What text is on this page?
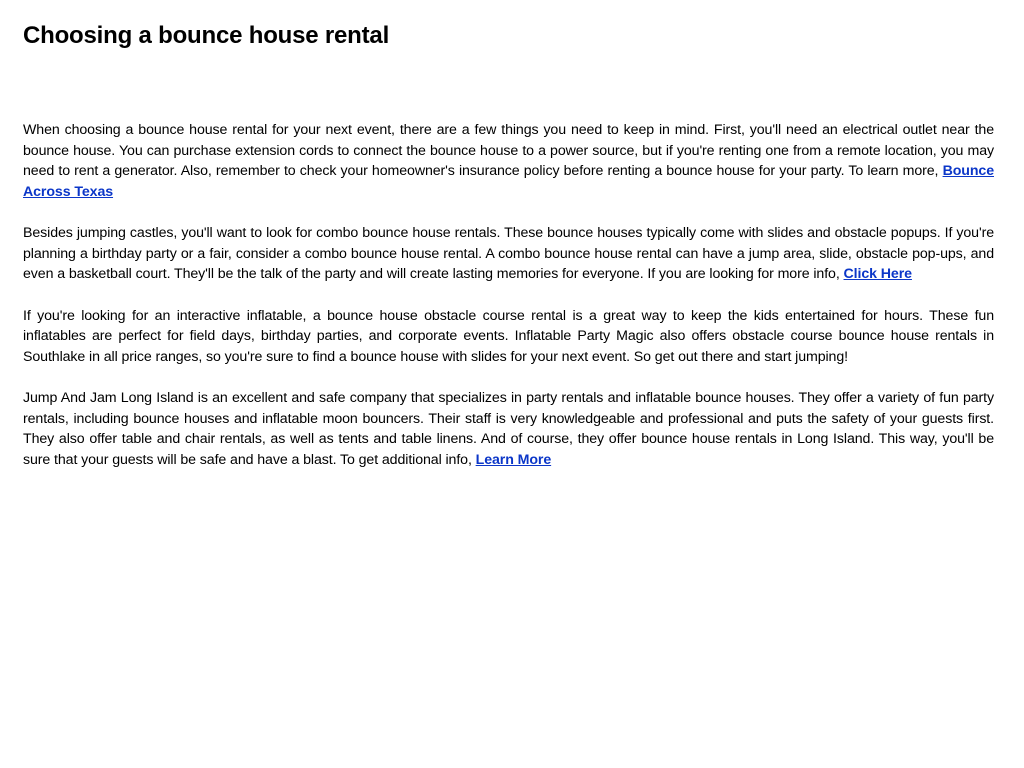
Choosing a bounce house rental

When choosing a bounce house rental for your next event, there are a few things you need to keep in mind. First, you'll need an electrical outlet near the bounce house. You can purchase extension cords to connect the bounce house to a power source, but if you're renting one from a remote location, you may need to rent a generator. Also, remember to check your homeowner's insurance policy before renting a bounce house for your party. To learn more, Bounce Across Texas

Besides jumping castles, you'll want to look for combo bounce house rentals. These bounce houses typically come with slides and obstacle popups. If you're planning a birthday party or a fair, consider a combo bounce house rental. A combo bounce house rental can have a jump area, slide, obstacle pop-ups, and even a basketball court. They'll be the talk of the party and will create lasting memories for everyone. If you are looking for more info, Click Here

If you're looking for an interactive inflatable, a bounce house obstacle course rental is a great way to keep the kids entertained for hours. These fun inflatables are perfect for field days, birthday parties, and corporate events. Inflatable Party Magic also offers obstacle course bounce house rentals in Southlake in all price ranges, so you're sure to find a bounce house with slides for your next event. So get out there and start jumping!

Jump And Jam Long Island is an excellent and safe company that specializes in party rentals and inflatable bounce houses. They offer a variety of fun party rentals, including bounce houses and inflatable moon bouncers. Their staff is very knowledgeable and professional and puts the safety of your guests first. They also offer table and chair rentals, as well as tents and table linens. And of course, they offer bounce house rentals in Long Island. This way, you'll be sure that your guests will be safe and have a blast. To get additional info, Learn More
